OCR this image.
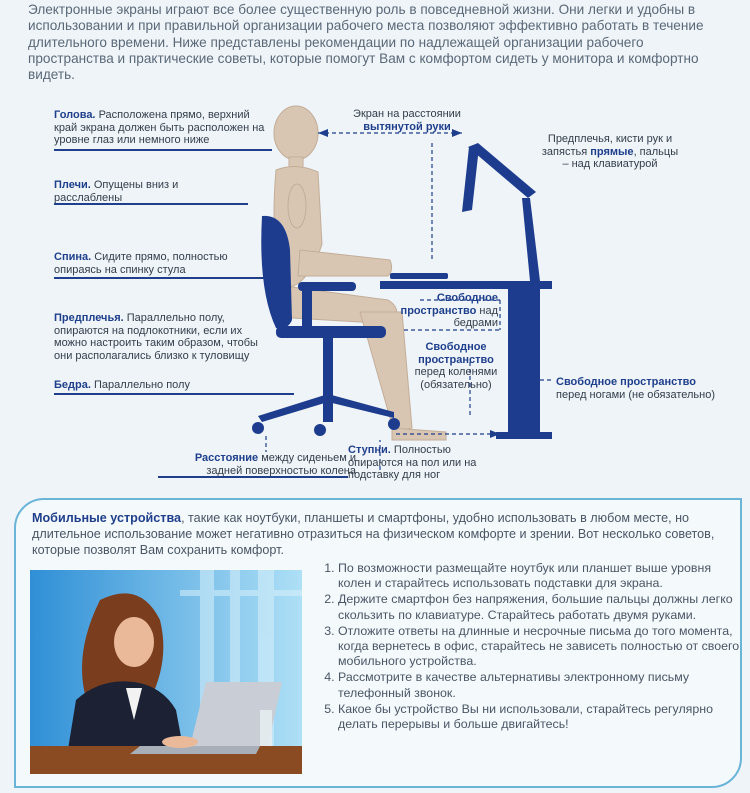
Электронные экраны играют все более существенную роль в повседневной жизни. Они легки и удобны в использовании и при правильной организации рабочего места позволяют эффективно работать в течение длительного времени. Ниже представлены рекомендации по надлежащей организации рабочего пространства и практические советы, которые помогут Вам с комфортом сидеть у монитора и комфортно видеть.
Голова. Расположена прямо, верхний край экрана должен быть расположен на уровне глаз или немного ниже
Плечи. Опущены вниз и расслаблены
Спина. Сидите прямо, полностью опираясь на спинку стула
Предплечья. Параллельно полу, опираются на подлокотники, если их можно настроить таким образом, чтобы они располагались близко к туловищу
Бедра. Параллельно полу
Расстояние между сиденьем и задней поверхностью колена
Ступни. Полностью опираются на пол или на подставку для ног
Экран на расстоянии
вытянутой руки
Предплечья, кисти рук и запястья прямые, пальцы – над клавиатурой
Свободное пространство над бедрами
Свободное пространство
перед коленями (обязательно)	Свободное пространство
перед ногами (не обязательно)
Мобильные устройства, такие как ноутбуки, планшеты и смартфоны, удобно использовать в любом месте, но длительное использование может негативно отразиться на физическом комфорте и зрении. Вот несколько советов, которые позволят Вам сохранить комфорт.
1. По возможности размещайте ноутбук или планшет выше уровня колен и старайтесь использовать подставки для экрана.
2. Держите смартфон без напряжения, большие пальцы должны легко скользить по клавиатуре. Старайтесь работать двумя руками.
3. Отложите ответы на длинные и несрочные письма до того момента, когда вернетесь в офис, старайтесь не зависеть полностью от своего мобильного устройства.
4. Рассмотрите в качестве альтернативы электронному письму телефонный звонок.
5. Какое бы устройство Вы ни использовали, старайтесь регулярно делать перерывы и больше двигайтесь!
